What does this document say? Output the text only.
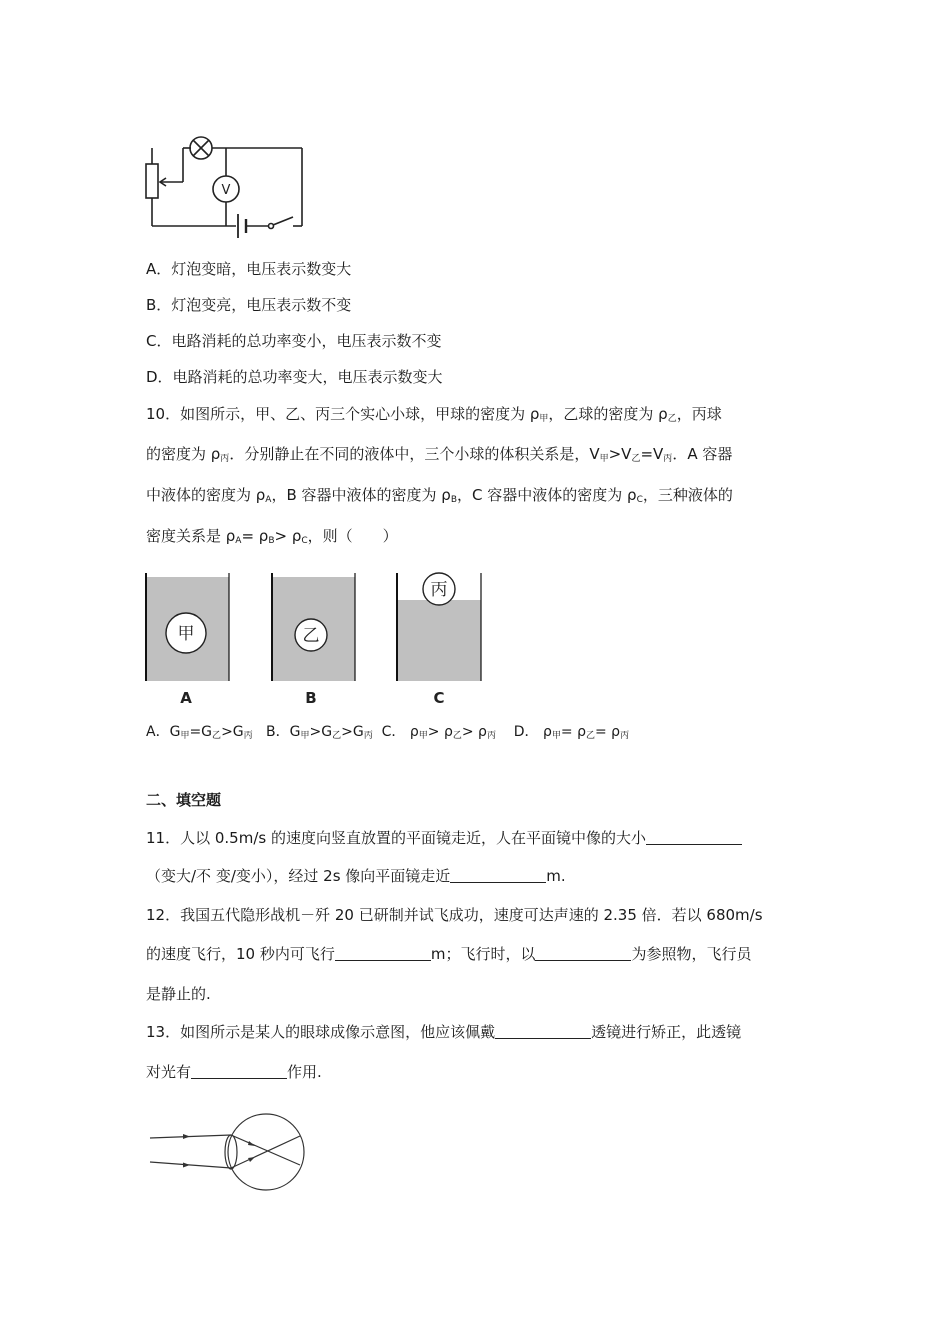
V
A．灯泡变暗，电压表示数变大
B．灯泡变亮，电压表示数不变
C．电路消耗的总功率变小，电压表示数不变
D．电路消耗的总功率变大，电压表示数变大
10．如图所示，甲、乙、丙三个实心小球，甲球的密度为 $\rho_甲$，乙球的密度为 $\rho_乙$，丙球
的密度为 $\rho_丙$．分别静止在不同的液体中，三个小球的体积关系是，$V_甲>V_乙=V_丙$．A 容器
中液体的密度为 $\rho_A$，B 容器中液体的密度为 $\rho_B$，C 容器中液体的密度为 $\rho_C$，三种液体的
密度关系是 $\rho_A= \rho_B> \rho_C$，则（　　）
甲	乙
丙
A	B	C
A．$G_甲=G_乙>G_丙$ B．$G_甲>G_乙>G_丙$ C． $\rho_甲> \rho_乙> \rho_丙$ D． $\rho_甲= \rho_乙= \rho_丙$
二、填空题
11．人以 0.5m/s 的速度向竖直放置的平面镜走近，人在平面镜中像的大小
（变大/不 变/变小），经过 2s 像向平面镜走近	m.
12．我国五代隐形战机－歼 20 已研制并试飞成功，速度可达声速的 2.35 倍．若以 680m/s
的速度飞行，10 秒内可飞行	m；飞行时，以	为参照物，飞行员
是静止的.
13．如图所示是某人的眼球成像示意图，他应该佩戴	透镜进行矫正，此透镜
对光有	作用.
